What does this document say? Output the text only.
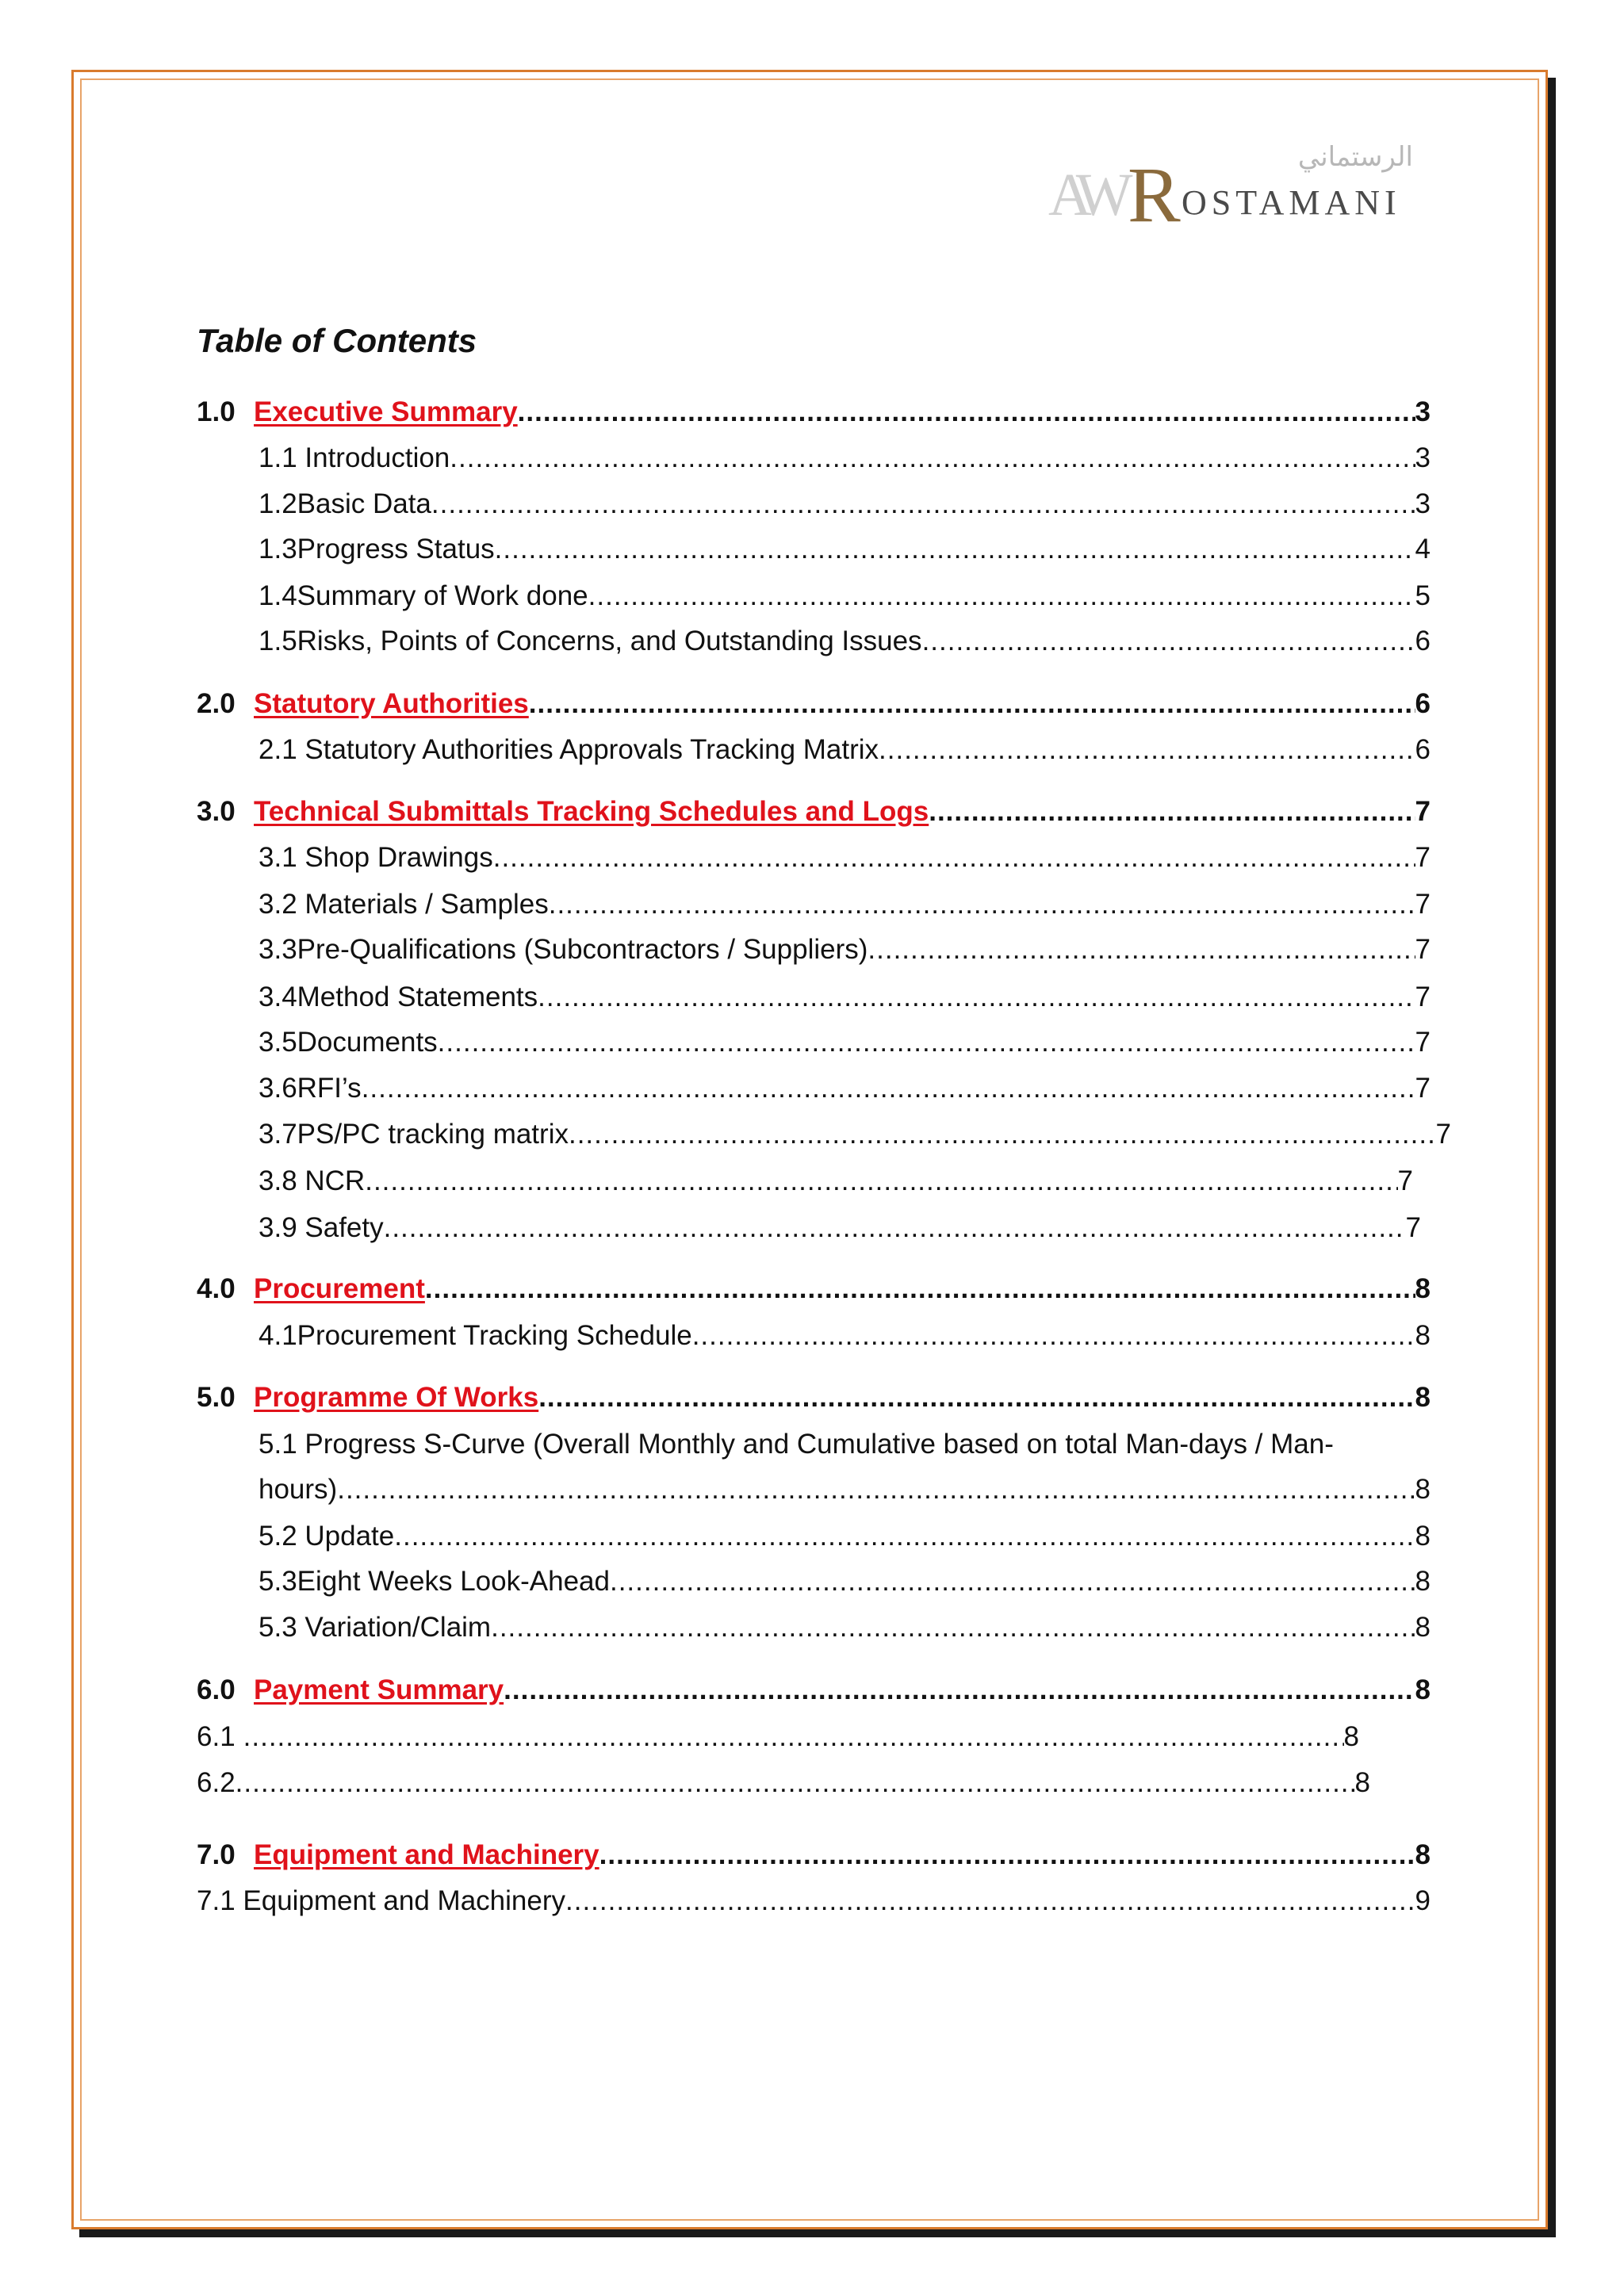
الرستماني
AW R OSTAMANI
Table of Contents
1.0 Executive Summary .....	3
1.1 Introduction .....	3
1.2Basic Data .....	3
1.3Progress Status .....	4
1.4Summary of Work done .....	5
1.5Risks, Points of Concerns, and Outstanding Issues .....	6
2.0 Statutory Authorities .....	6
2.1 Statutory Authorities Approvals Tracking Matrix .....	6
3.0 Technical Submittals Tracking Schedules and Logs .....	7
3.1 Shop Drawings .....	7
3.2 Materials / Samples .....	7
3.3Pre-Qualifications (Subcontractors / Suppliers) .....	7
3.4Method Statements .....	7
3.5Documents .....	7
3.6RFI’s .....	7
3.7PS/PC tracking matrix .....	7
3.8 NCR .....	7
3.9 Safety .....	7
4.0 Procurement .....	8
4.1Procurement Tracking Schedule .....	8
5.0 Programme Of Works .....	8
5.1 Progress S-Curve (Overall Monthly and Cumulative based on total Man-days / Man-
hours) .....	8
5.2 Update .....	8
5.3Eight Weeks Look-Ahead .....	8
5.3 Variation/Claim .....	8
6.0 Payment Summary .....	8
6.1 .....	8
6.2 .....	8
7.0 Equipment and Machinery .....	8
7.1 Equipment and Machinery .....	9
